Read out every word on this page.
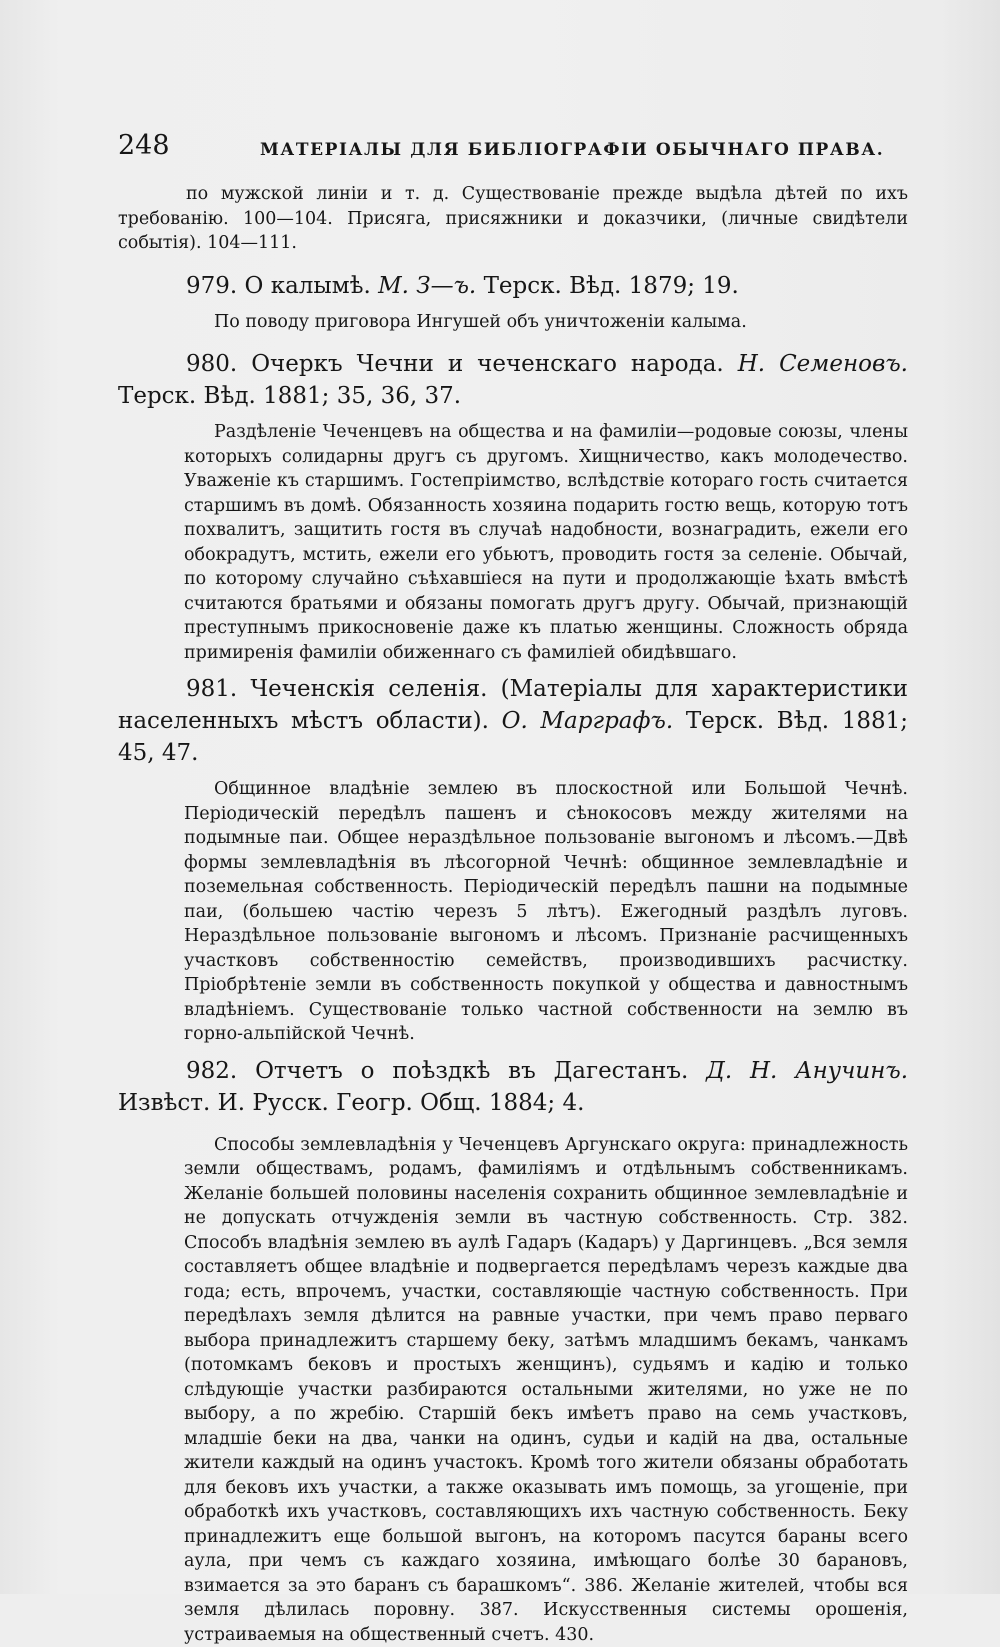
248	МАТЕРІАЛЫ ДЛЯ БИБЛІОГРАФІИ ОБЫЧНАГО ПРАВА.

по мужской линіи и т. д. Существованіе прежде выдѣла дѣтей по ихъ требованію. 100—104. Присяга, присяжники и доказчики, (личные свидѣтели событія). 104—111.

979. О калымѣ. М. З—ъ. Терск. Вѣд. 1879; 19.

По поводу приговора Ингушей объ уничтоженіи калыма.

980. Очеркъ Чечни и чеченскаго народа. Н. Семеновъ. Терск. Вѣд. 1881; 35, 36, 37.

Раздѣленіе Чеченцевъ на общества и на фамиліи—родовые союзы, члены которыхъ солидарны другъ съ другомъ. Хищничество, какъ молодечество. Уваженіе къ старшимъ. Гостепріимство, вслѣдствіе котораго гость считается старшимъ въ домѣ. Обязанность хозяина подарить гостю вещь, которую тотъ похвалитъ, защитить гостя въ случаѣ надобности, вознаградить, ежели его обокрадутъ, мстить, ежели его убьютъ, проводить гостя за селеніе. Обычай, по которому случайно съѣхавшіеся на пути и продолжающіе ѣхать вмѣстѣ считаются братьями и обязаны помогать другъ другу. Обычай, признающій преступнымъ прикосновеніе даже къ платью женщины. Сложность обряда примиренія фамиліи обиженнаго съ фамиліей обидѣвшаго.

981. Чеченскія селенія. (Матеріалы для характеристики населенныхъ мѣстъ области). О. Марграфъ. Терск. Вѣд. 1881; 45, 47.

Общинное владѣніе землею въ плоскостной или Большой Чечнѣ. Періодическій передѣлъ пашенъ и сѣнокосовъ между жителями на подымные паи. Общее нераздѣльное пользованіе выгономъ и лѣсомъ.—Двѣ формы землевладѣнія въ лѣсогорной Чечнѣ: общинное землевладѣніе и поземельная собственность. Періодическій передѣлъ пашни на подымные паи, (большею частію черезъ 5 лѣтъ). Ежегодный раздѣлъ луговъ. Нераздѣльное пользованіе выгономъ и лѣсомъ. Признаніе расчищенныхъ участковъ собственностію семействъ, производившихъ расчистку. Пріобрѣтеніе земли въ собственность покупкой у общества и давностнымъ владѣніемъ. Существованіе только частной собственности на землю въ горно-альпійской Чечнѣ.

982. Отчетъ о поѣздкѣ въ Дагестанъ. Д. Н. Анучинъ. Извѣст. И. Русск. Геогр. Общ. 1884; 4.

Способы землевладѣнія у Чеченцевъ Аргунскаго округа: принадлежность земли обществамъ, родамъ, фамиліямъ и отдѣльнымъ собственникамъ. Желаніе большей половины населенія сохранить общинное землевладѣніе и не допускать отчужденія земли въ частную собственность. Стр. 382. Способъ владѣнія землею въ аулѣ Гадаръ (Кадаръ) у Даргинцевъ. „Вся земля составляетъ общее владѣніе и подвергается передѣламъ черезъ каждые два года; есть, впрочемъ, участки, составляющіе частную собственность. При передѣлахъ земля дѣлится на равные участки, при чемъ право перваго выбора принадлежитъ старшему беку, затѣмъ младшимъ бекамъ, чанкамъ (потомкамъ бековъ и простыхъ женщинъ), судьямъ и кадію и только слѣдующіе участки разбираются остальными жителями, но уже не по выбору, а по жребію. Старшій бекъ имѣетъ право на семь участковъ, младшіе беки на два, чанки на одинъ, судьи и кадій на два, остальные жители каждый на одинъ участокъ. Кромѣ того жители обязаны обработать для бековъ ихъ участки, а также оказывать имъ помощь, за угощеніе, при обработкѣ ихъ участковъ, составляющихъ ихъ частную собственность. Беку принадлежитъ еще большой выгонъ, на которомъ пасутся бараны всего аула, при чемъ съ каждаго хозяина, имѣющаго болѣе 30 барановъ, взимается за это баранъ съ барашкомъ“. 386. Желаніе жителей, чтобы вся земля дѣлилась поровну. 387. Искусственныя системы орошенія, устраиваемыя на общественный счетъ. 430.
